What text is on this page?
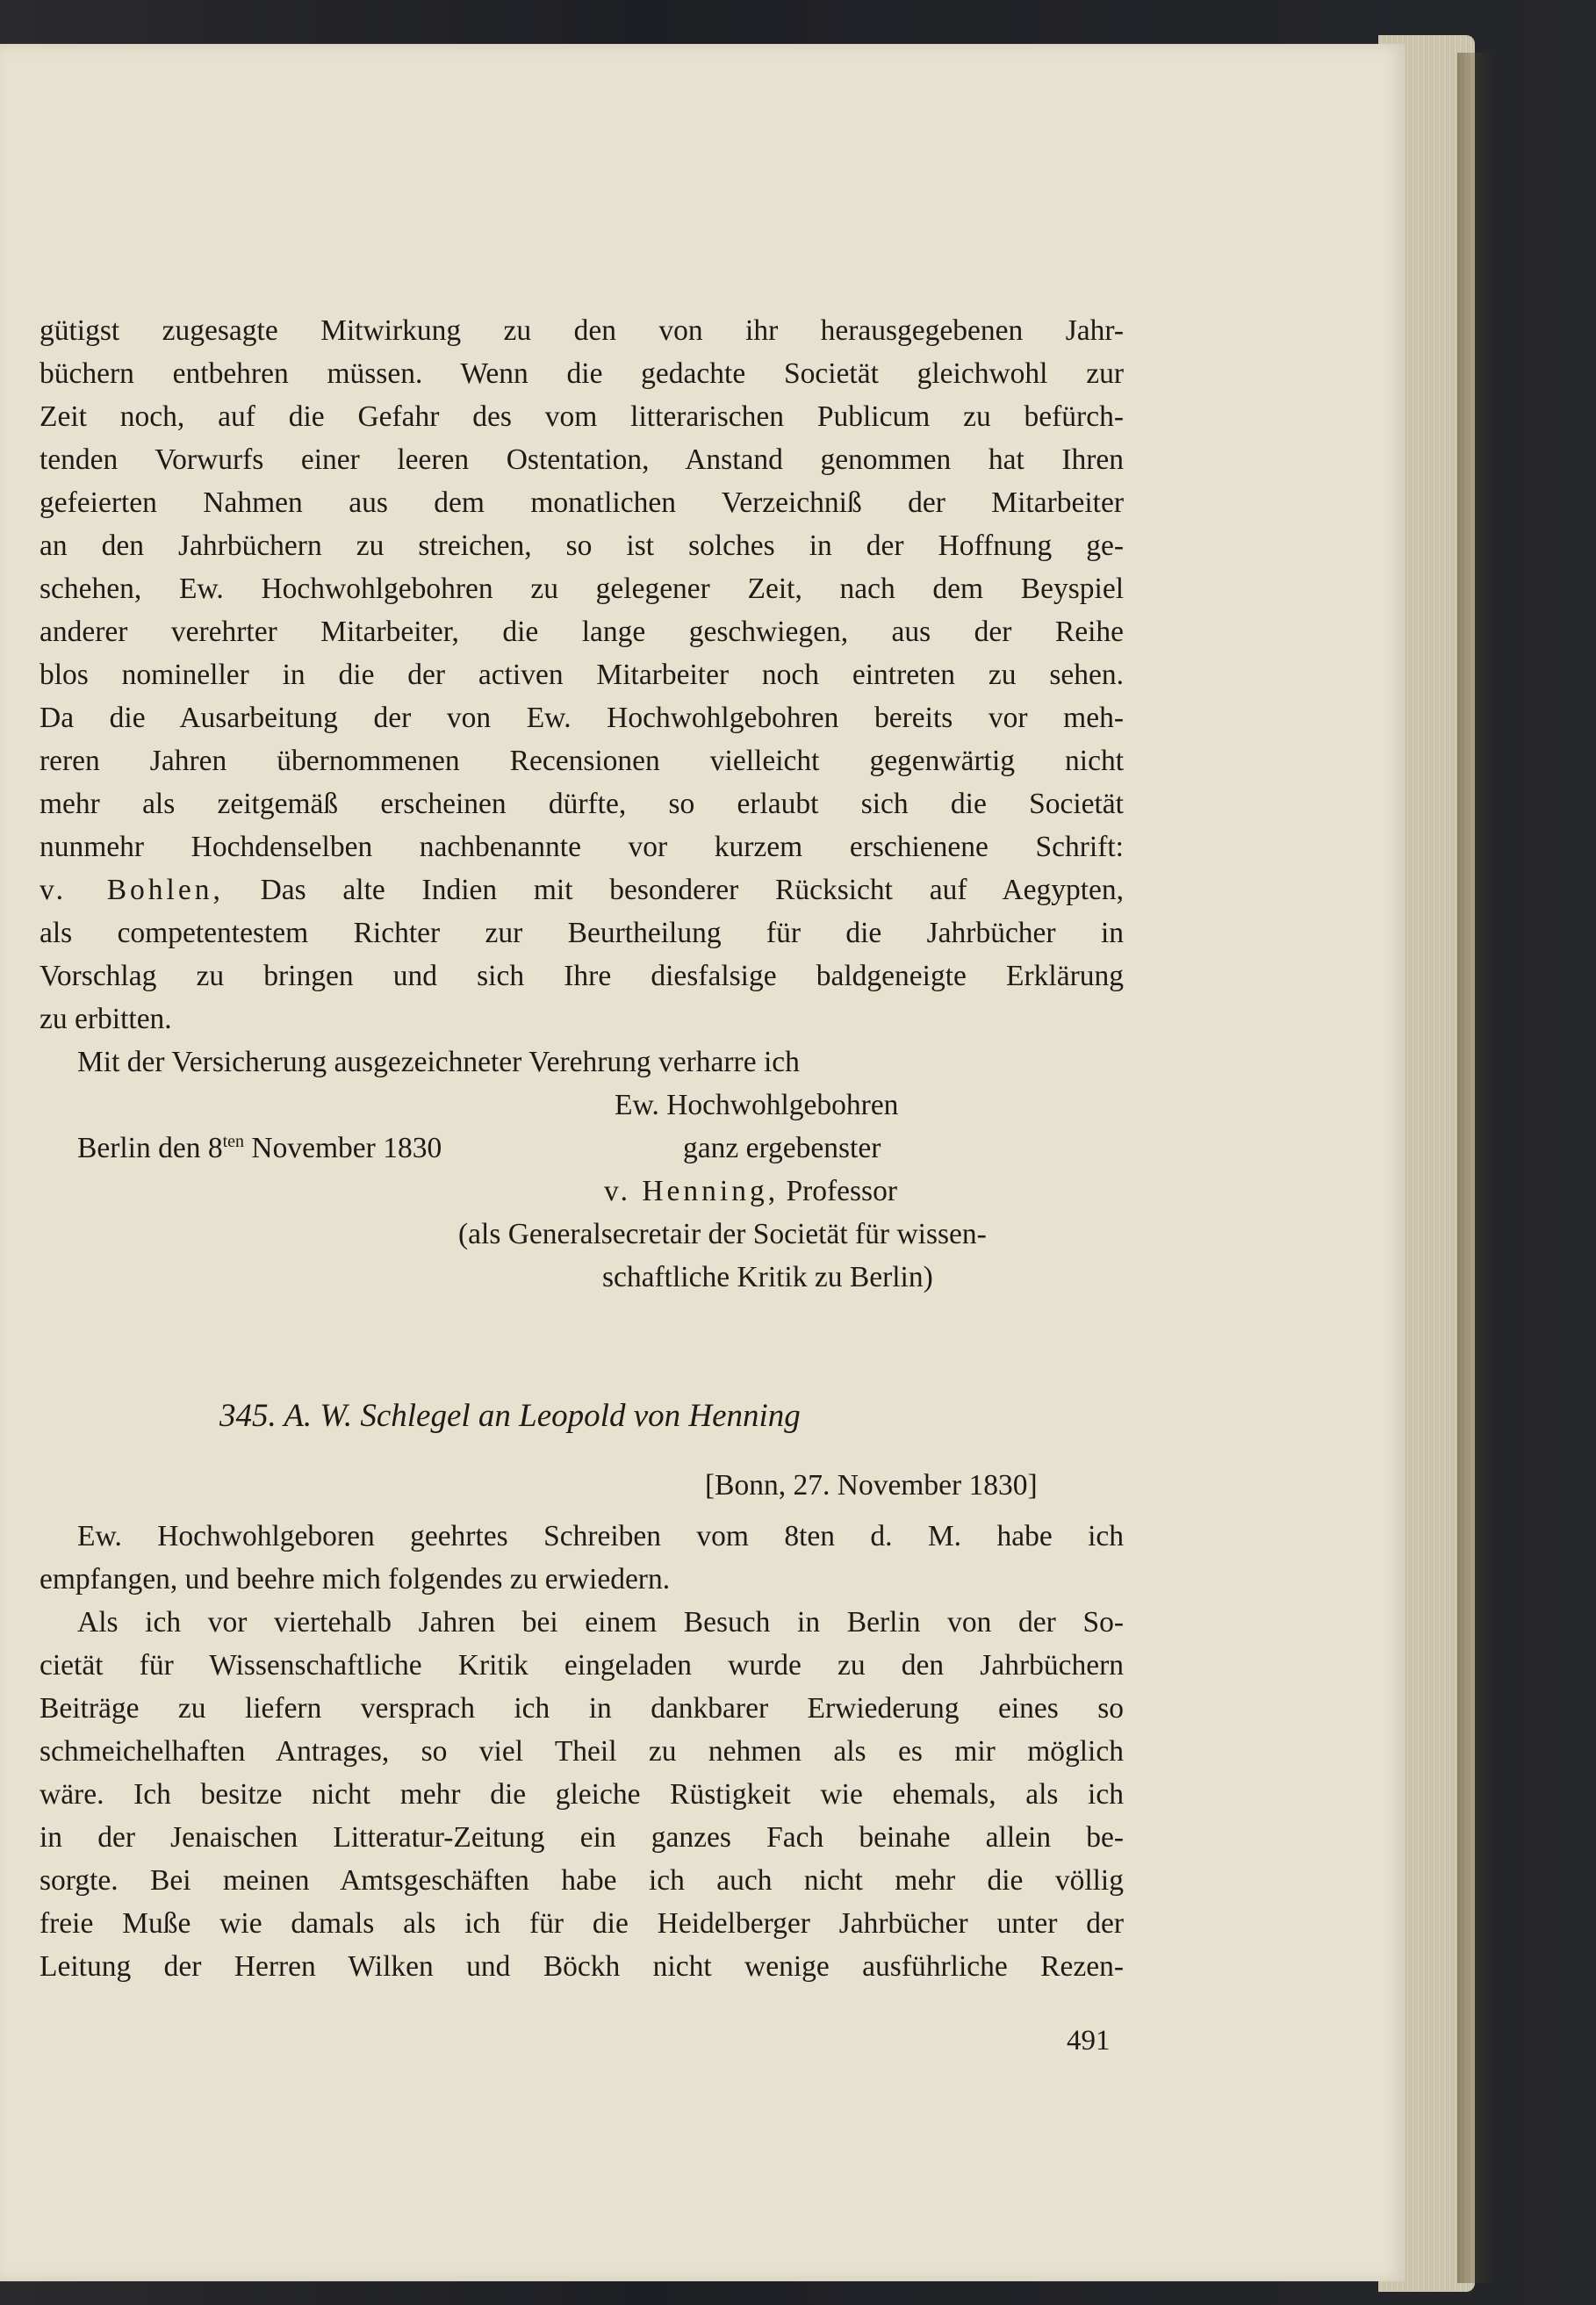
gütigst zugesagte Mitwirkung zu den von ihr herausgegebenen Jahr-

büchern entbehren müssen. Wenn die gedachte Societät gleichwohl zur

Zeit noch, auf die Gefahr des vom litterarischen Publicum zu befürch-

tenden Vorwurfs einer leeren Ostentation, Anstand genommen hat Ihren

gefeierten Nahmen aus dem monatlichen Verzeichniß der Mitarbeiter

an den Jahrbüchern zu streichen, so ist solches in der Hoffnung ge-

schehen, Ew. Hochwohlgebohren zu gelegener Zeit, nach dem Beyspiel

anderer verehrter Mitarbeiter, die lange geschwiegen, aus der Reihe

blos nomineller in die der activen Mitarbeiter noch eintreten zu sehen.

Da die Ausarbeitung der von Ew. Hochwohlgebohren bereits vor meh-

reren Jahren übernommenen Recensionen vielleicht gegenwärtig nicht

mehr als zeitgemäß erscheinen dürfte, so erlaubt sich die Societät

nunmehr Hochdenselben nachbenannte vor kurzem erschienene Schrift:

v. Bohlen, Das alte Indien mit besonderer Rücksicht auf Aegypten,

als competentestem Richter zur Beurtheilung für die Jahrbücher in

Vorschlag zu bringen und sich Ihre diesfalsige baldgeneigte Erklärung

zu erbitten.

Mit der Versicherung ausgezeichneter Verehrung verharre ich

Ew. Hochwohlgebohren

Berlin den $8^{ten}$ November 1830	ganz ergebenster

v. Henning, Professor

(als Generalsecretair der Societät für wissen-

schaftliche Kritik zu Berlin)

345. A. W. Schlegel an Leopold von Henning

[Bonn, 27. November 1830]

Ew. Hochwohlgeboren geehrtes Schreiben vom 8ten d. M. habe ich

empfangen, und beehre mich folgendes zu erwiedern.

Als ich vor viertehalb Jahren bei einem Besuch in Berlin von der So-

cietät für Wissenschaftliche Kritik eingeladen wurde zu den Jahrbüchern

Beiträge zu liefern versprach ich in dankbarer Erwiederung eines so

schmeichelhaften Antrages, so viel Theil zu nehmen als es mir möglich

wäre. Ich besitze nicht mehr die gleiche Rüstigkeit wie ehemals, als ich

in der Jenaischen Litteratur-Zeitung ein ganzes Fach beinahe allein be-

sorgte. Bei meinen Amtsgeschäften habe ich auch nicht mehr die völlig

freie Muße wie damals als ich für die Heidelberger Jahrbücher unter der

Leitung der Herren Wilken und Böckh nicht wenige ausführliche Rezen-

491
